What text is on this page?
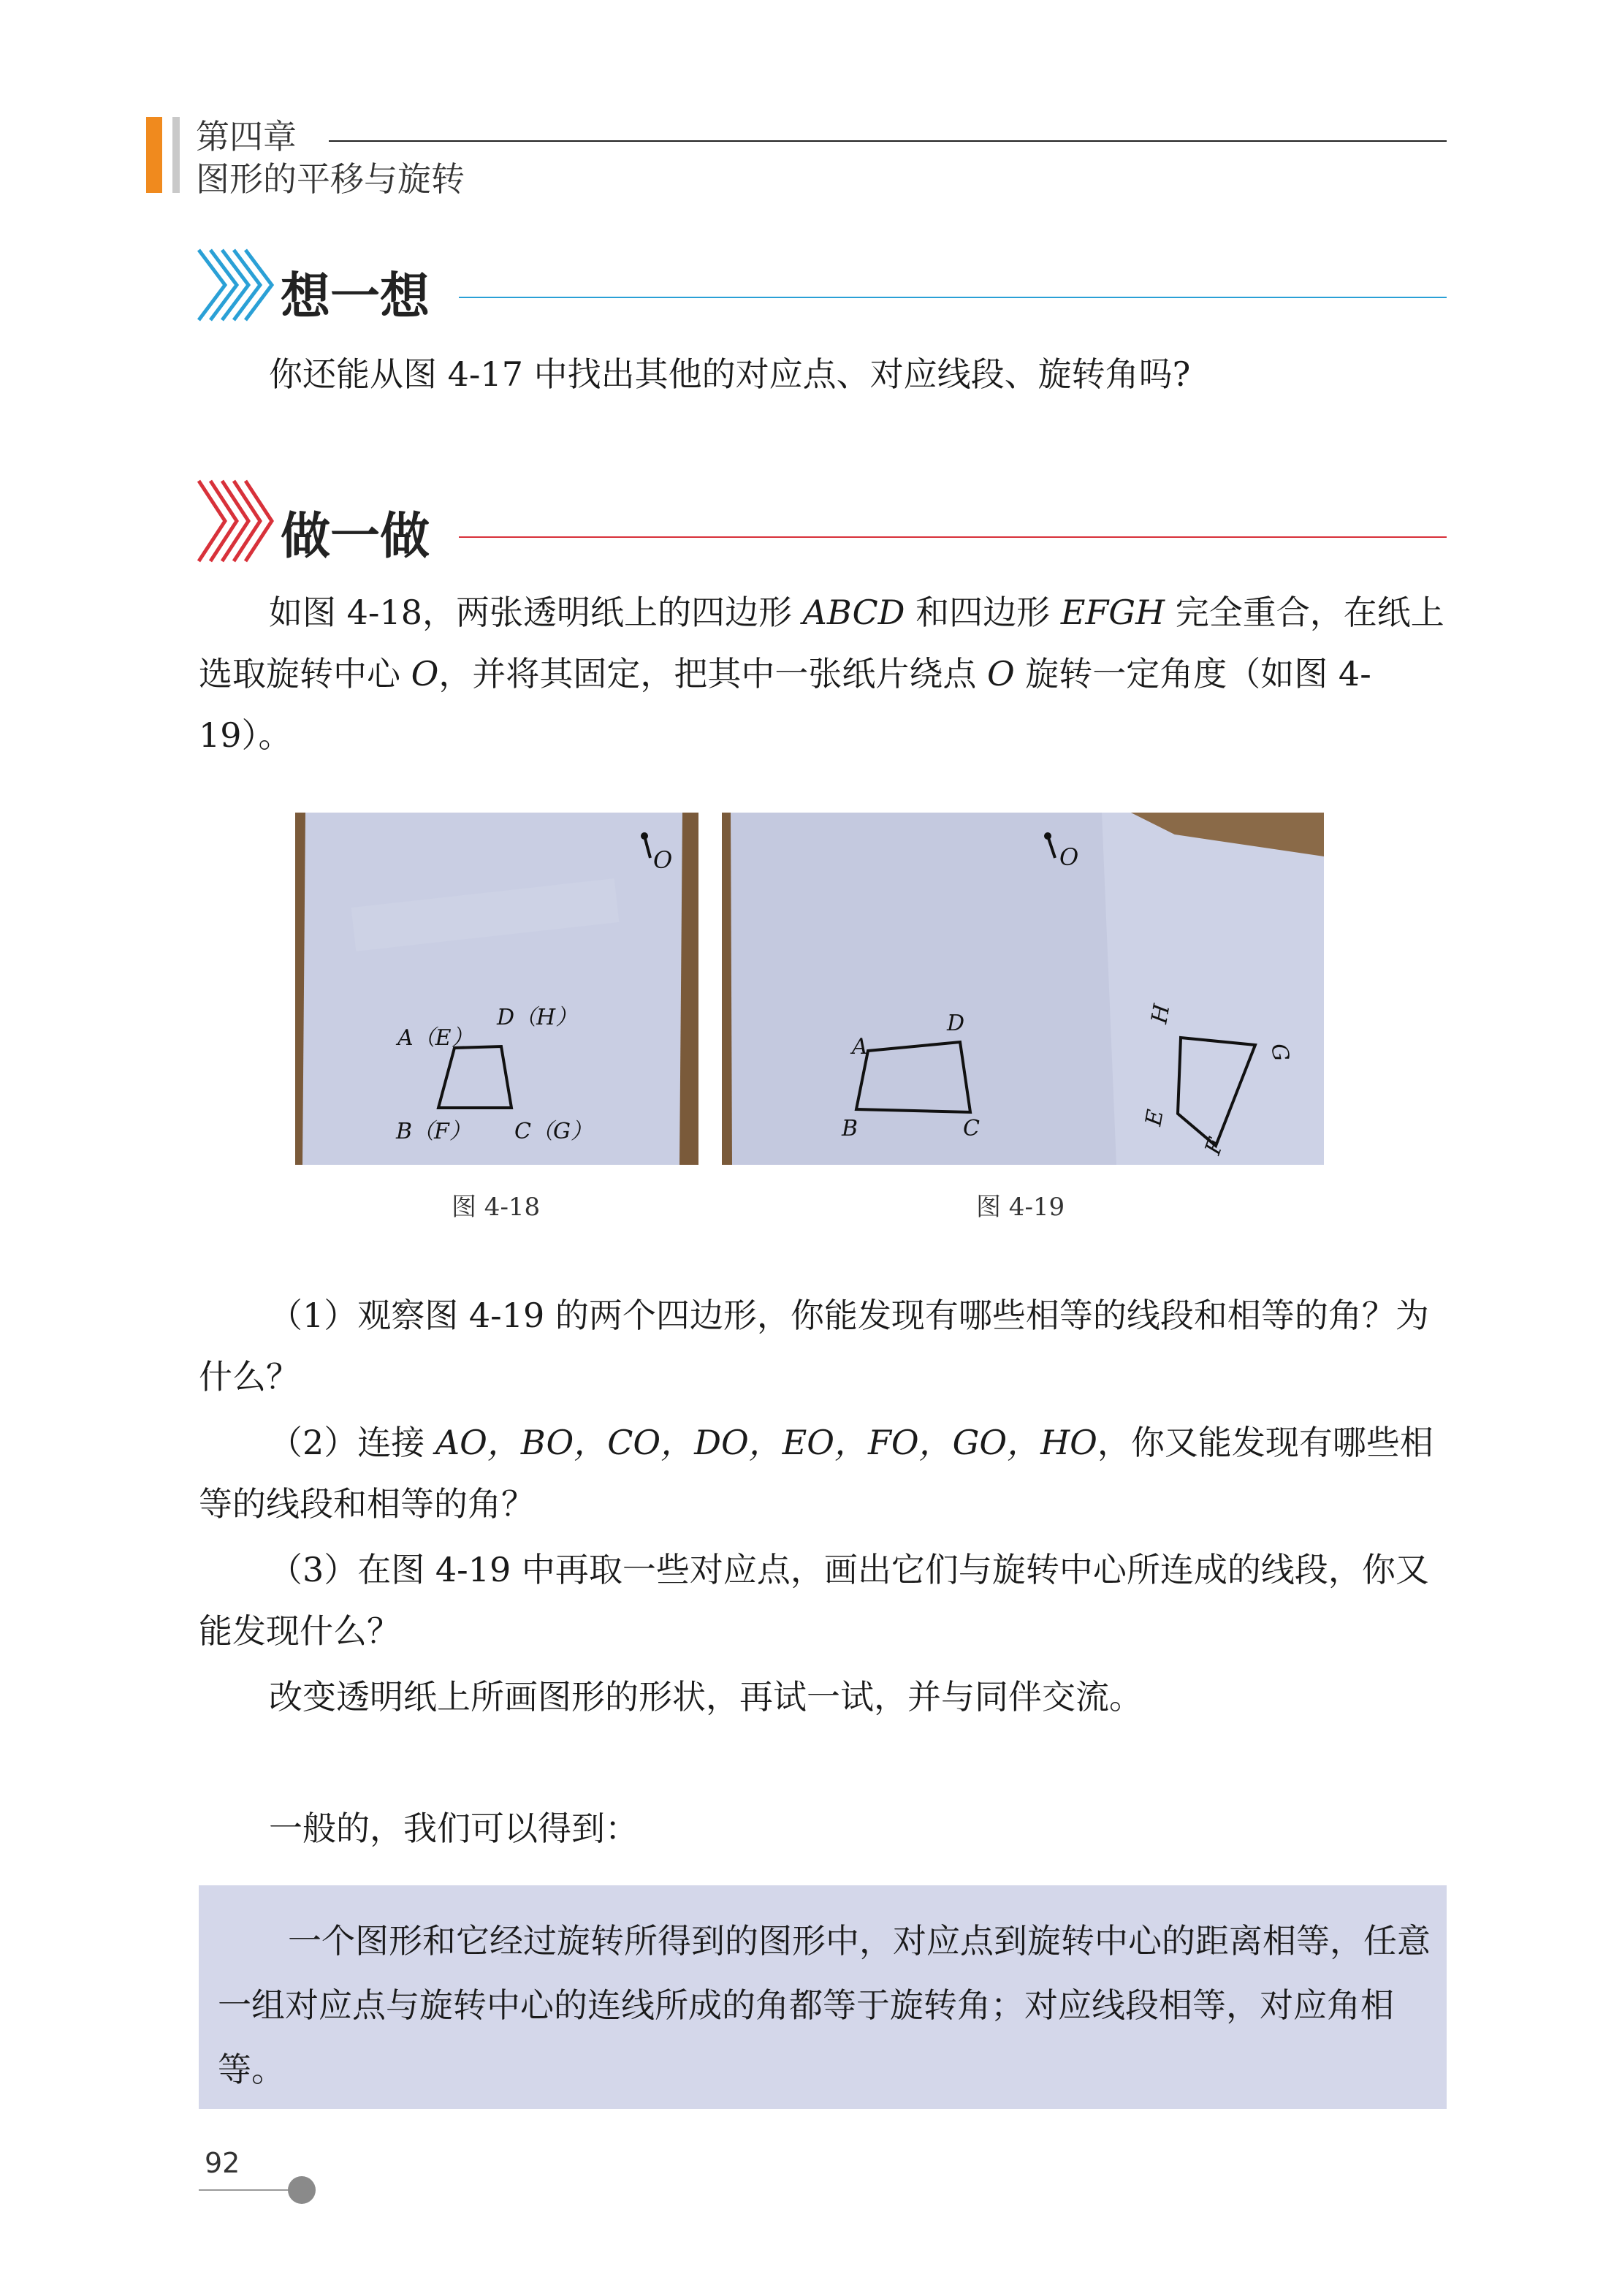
第四章
图形的平移与旋转
想一想
你还能从图 4-17 中找出其他的对应点、对应线段、旋转角吗?
做一做
如图 4-18，两张透明纸上的四边形 ABCD 和四边形 EFGH 完全重合，在纸上选取旋转中心 O，并将其固定，把其中一张纸片绕点 O 旋转一定角度（如图 4-19）。
O
A（E）
D（H）
B（F） C（G）
图 4-18
O
A
D
B	C
H
G
E
F
图 4-19
（1）观察图 4-19 的两个四边形，你能发现有哪些相等的线段和相等的角？为什么？
（2）连接 AO，BO，CO，DO，EO，FO，GO，HO，你又能发现有哪些相等的线段和相等的角？
（3）在图 4-19 中再取一些对应点，画出它们与旋转中心所连成的线段，你又能发现什么？
改变透明纸上所画图形的形状，再试一试，并与同伴交流。
一般的，我们可以得到：
一个图形和它经过旋转所得到的图形中，对应点到旋转中心的距离相等，任意一组对应点与旋转中心的连线所成的角都等于旋转角；对应线段相等，对应角相等。
92
